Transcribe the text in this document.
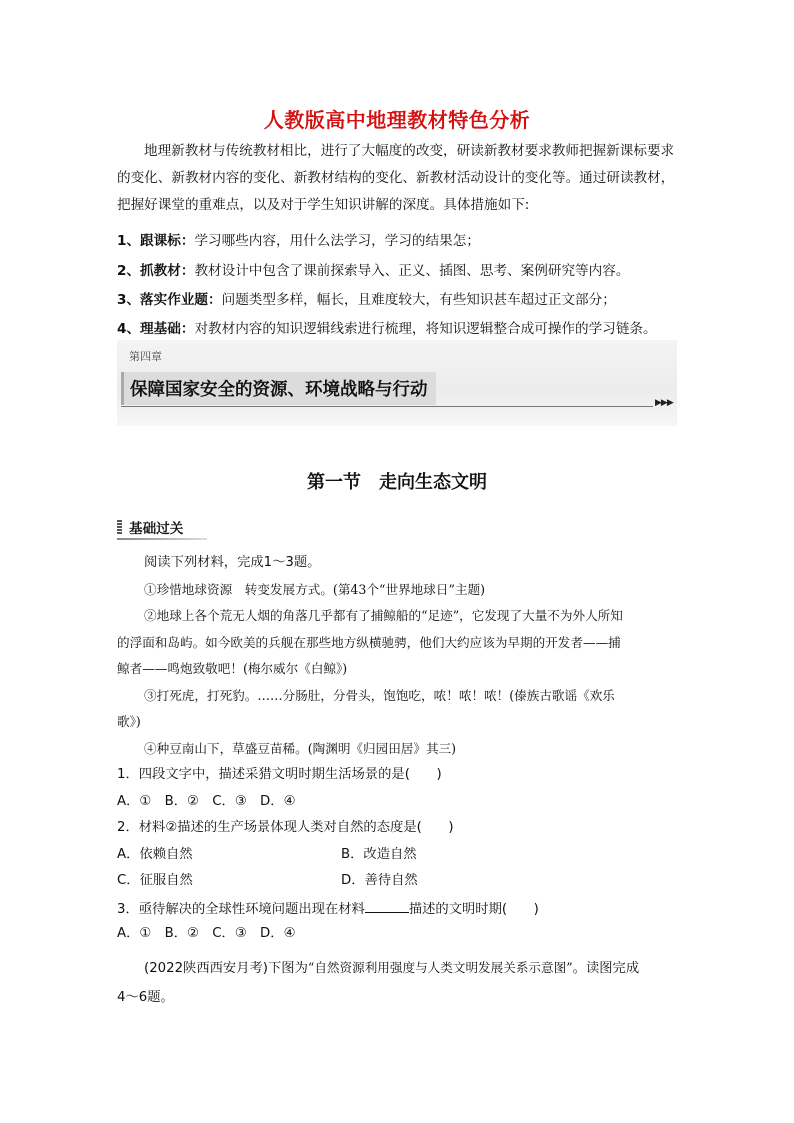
人教版高中地理教材特色分析
地理新教材与传统教材相比，进行了大幅度的改变，研读新教材要求教师把握新课标要求的变化、新教材内容的变化、新教材结构的变化、新教材活动设计的变化等。通过研读教材，把握好课堂的重难点，以及对于学生知识讲解的深度。具体措施如下:
1、跟课标：学习哪些内容，用什么法学习，学习的结果怎；
2、抓教材：教材设计中包含了课前探索导入、正义、插图、思考、案例研究等内容。
3、落实作业题：问题类型多样，幅长，且难度较大，有些知识甚车超过正文部分；
4、理基础：对教材内容的知识逻辑线索进行梳理，将知识逻辑整合成可操作的学习链条。
第四章
保障国家安全的资源、环境战略与行动
▶▶▶
第一节　走向生态文明
基础过关
阅读下列材料，完成1～3题。
①珍惜地球资源　转变发展方式。(第43个“世界地球日”主题)
②地球上各个荒无人烟的角落几乎都有了捕鲸船的“足迹”，它发现了大量不为外人所知
的浮面和岛屿。如今欧美的兵舰在那些地方纵横驰骋，他们大约应该为早期的开发者——捕
鲸者——鸣炮致敬吧！(梅尔威尔《白鲸》)
③打死虎，打死豹。……分肠肚，分骨头，饱饱吃，哝！哝！哝！(傣族古歌谣《欢乐
歌》)
④种豆南山下，草盛豆苗稀。(陶渊明《归园田居》其三)
1．四段文字中，描述采猎文明时期生活场景的是(　　)
A．①　B．②　C．③　D．④
2．材料②描述的生产场景体现人类对自然的态度是(　　)
A．依赖自然	B．改造自然
C．征服自然	D．善待自然
3．亟待解决的全球性环境问题出现在材料	描述的文明时期(　　)
A．①　B．②　C．③　D．④
(2022陕西西安月考)下图为“自然资源利用强度与人类文明发展关系示意图”。读图完成
4～6题。
